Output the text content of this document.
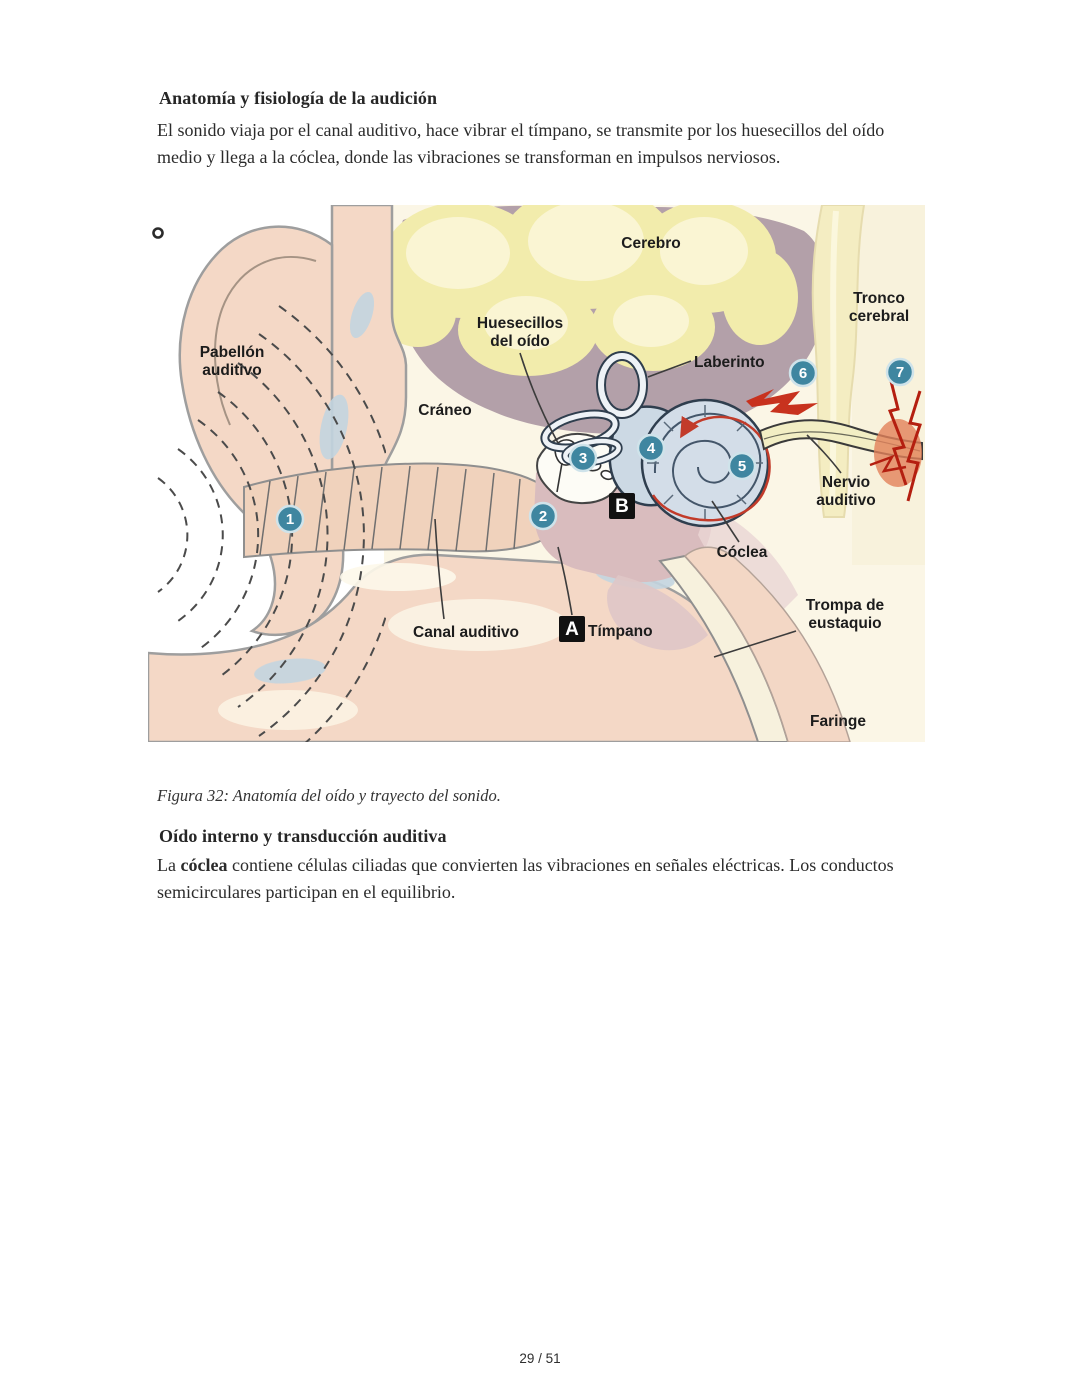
Anatomía y fisiología de la audición

El sonido viaja por el canal auditivo, hace vibrar el tímpano, se transmite por los huesecillos del oído medio y llega a la cóclea, donde las vibraciones se transforman en impulsos nerviosos.

Cerebro
Tronco
cerebral
Huesecillos
del oído
Laberinto
Pabellón
auditivo
Cráneo
Nervio
auditivo
Cóclea
Canal auditivo	Tímpano
Trompa de
eustaquio
Faringe
1	2
3
4
5
6	7
A
B

Figura 32: Anatomía del oído y trayecto del sonido.

Oído interno y transducción auditiva

La cóclea contiene células ciliadas que convierten las vibraciones en señales eléctricas. Los conductos semicirculares participan en el equilibrio.

29 / 51
